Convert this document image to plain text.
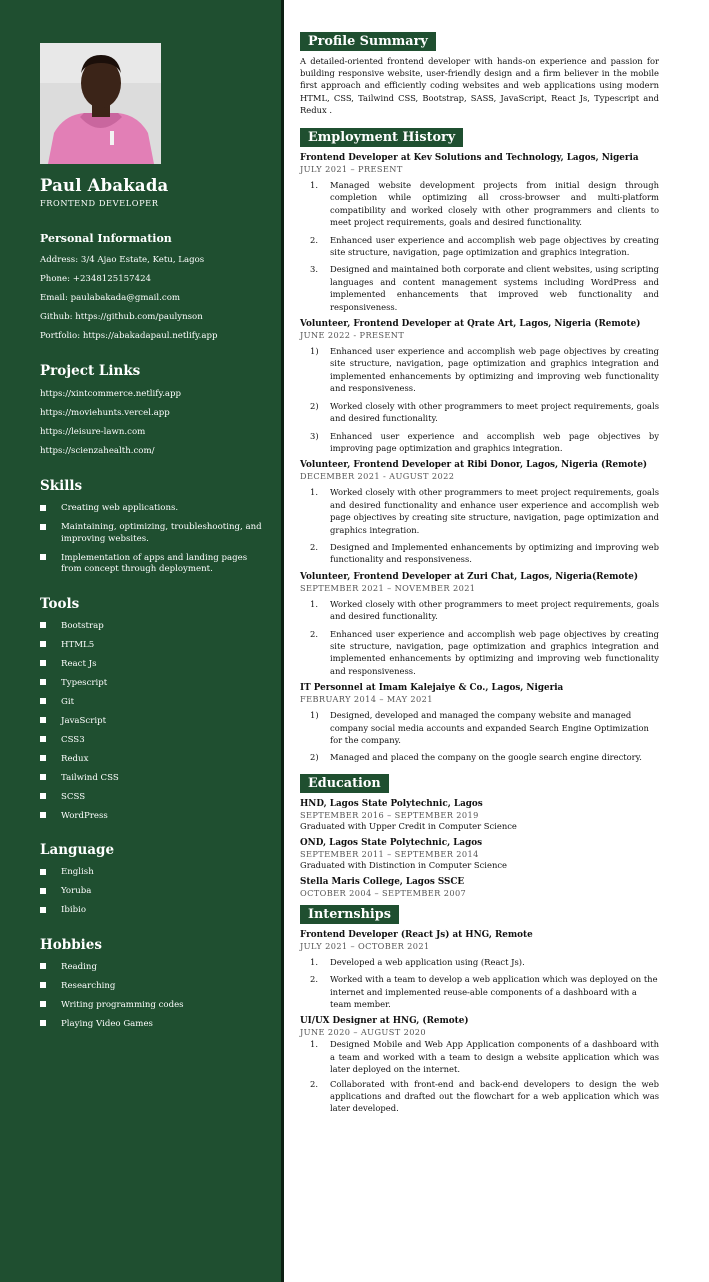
Paul Abakada
FRONTEND DEVELOPER
Personal Information
Address: 3/4 Ajao Estate, Ketu, Lagos
Phone: +2348125157424
Email: paulabakada@gmail.com
Github: https://github.com/paulynson
Portfolio: https://abakadapaul.netlify.app
Project Links
https://xintcommerce.netlify.app
https://moviehunts.vercel.app
https://leisure-lawn.com
https://scienzahealth.com/
Skills
Creating web applications.
Maintaining, optimizing, troubleshooting, and improving websites.
Implementation of apps and landing pages from concept through deployment.
Tools
Bootstrap
HTML5
React Js
Typescript
Git
JavaScript
CSS3
Redux
Tailwind CSS
SCSS
WordPress
Language
English
Yoruba
Ibibio
Hobbies
Reading
Researching
Writing programming codes
Playing Video Games
Profile Summary
A detailed-oriented frontend developer with hands-on experience and passion for building responsive website, user-friendly design and a firm believer in the mobile first approach and efficiently coding websites and web applications using modern HTML, CSS, Tailwind CSS, Bootstrap, SASS, JavaScript, React Js, Typescript and Redux .
Employment History
Frontend Developer at Kev Solutions and Technology, Lagos, Nigeria
JULY 2021 – PRESENT
1. Managed website development projects from initial design through completion while optimizing all cross-browser and multi-platform compatibility and worked closely with other programmers and clients to meet project requirements, goals and desired functionality.
2. Enhanced user experience and accomplish web page objectives by creating site structure, navigation, page optimization and graphics integration.
3. Designed and maintained both corporate and client websites, using scripting languages and content management systems including WordPress and implemented enhancements that improved web functionality and responsiveness.
Volunteer, Frontend Developer at Qrate Art, Lagos, Nigeria (Remote)
JUNE 2022 - PRESENT
1) Enhanced user experience and accomplish web page objectives by creating site structure, navigation, page optimization and graphics integration and implemented enhancements by optimizing and improving web functionality and responsiveness.
2) Worked closely with other programmers to meet project requirements, goals and desired functionality.
3) Enhanced user experience and accomplish web page objectives by improving page optimization and graphics integration.
Volunteer, Frontend Developer at Ribi Donor, Lagos, Nigeria (Remote)
DECEMBER 2021 - AUGUST 2022
1. Worked closely with other programmers to meet project requirements, goals and desired functionality and enhance user experience and accomplish web page objectives by creating site structure, navigation, page optimization and graphics integration.
2. Designed and Implemented enhancements by optimizing and improving web functionality and responsiveness.
Volunteer, Frontend Developer at Zuri Chat, Lagos, Nigeria(Remote)
SEPTEMBER 2021 – NOVEMBER 2021
1. Worked closely with other programmers to meet project requirements, goals and desired functionality.
2. Enhanced user experience and accomplish web page objectives by creating site structure, navigation, page optimization and graphics integration and implemented enhancements by optimizing and improving web functionality and responsiveness.
IT Personnel at Imam Kalejaiye & Co., Lagos, Nigeria
FEBRUARY 2014 – MAY 2021
1) Designed, developed and managed the company website and managed company social media accounts and expanded Search Engine Optimization for the company.
2) Managed and placed the company on the google search engine directory.
Education
HND, Lagos State Polytechnic, Lagos
SEPTEMBER 2016 – SEPTEMBER 2019
Graduated with Upper Credit in Computer Science
OND, Lagos State Polytechnic, Lagos
SEPTEMBER 2011 – SEPTEMBER 2014
Graduated with Distinction in Computer Science
Stella Maris College, Lagos SSCE
OCTOBER 2004 – SEPTEMBER 2007
Internships
Frontend Developer (React Js) at HNG, Remote
JULY 2021 – OCTOBER 2021
1. Developed a web application using (React Js).
2. Worked with a team to develop a web application which was deployed on the internet and implemented reuse-able components of a dashboard with a team member.
UI/UX Designer at HNG, (Remote)
JUNE 2020 – AUGUST 2020
1. Designed Mobile and Web App Application components of a dashboard with a team and worked with a team to design a website application which was later deployed on the internet.
2. Collaborated with front-end and back-end developers to design the web applications and drafted out the flowchart for a web application which was later developed.
